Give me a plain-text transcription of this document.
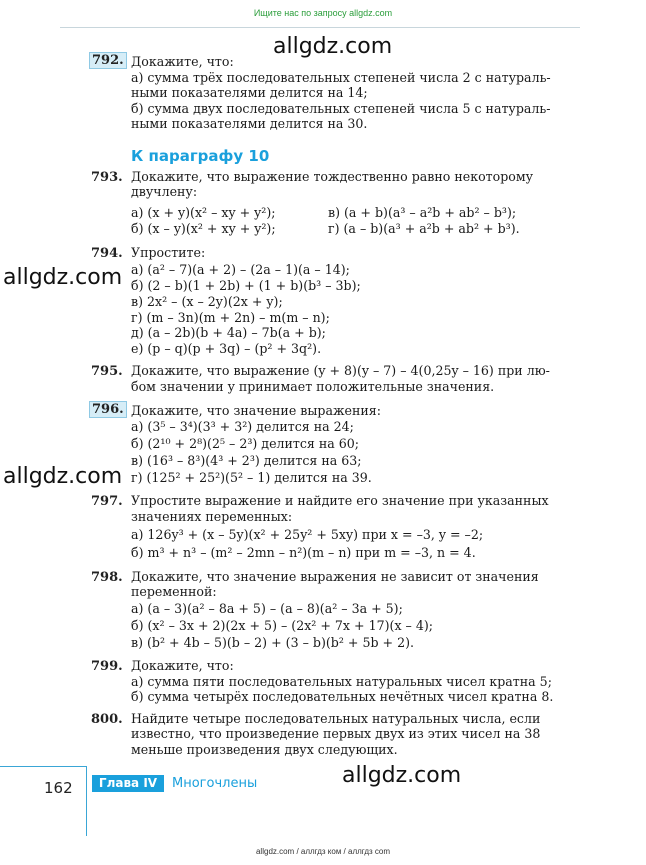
Ищите нас по запросу allgdz.com
allgdz.com
allgdz.com
allgdz.com
allgdz.com
792. Докажите, что:
а) сумма трёх последовательных степеней числа 2 с натураль-
ными показателями делится на 14;
б) сумма двух последовательных степеней числа 5 с натураль-
ными показателями делится на 30.
К параграфу 10
793. Докажите, что выражение тождественно равно некоторому
двучлену:
а) (x + y)(x² – xy + y²);	в) (a + b)(a³ – a²b + ab² – b³);
б) (x – y)(x² + xy + y²);	г) (a – b)(a³ + a²b + ab² + b³).
794. Упростите:
а) (a² – 7)(a + 2) – (2a – 1)(a – 14);
б) (2 – b)(1 + 2b) + (1 + b)(b³ – 3b);
в) 2x² – (x – 2y)(2x + y);
г) (m – 3n)(m + 2n) – m(m – n);
д) (a – 2b)(b + 4a) – 7b(a + b);
е) (p – q)(p + 3q) – (p² + 3q²).
795. Докажите, что выражение (y + 8)(y – 7) – 4(0,25y – 16) при лю-
бом значении y принимает положительные значения.
796. Докажите, что значение выражения:
а) (3⁵ – 3⁴)(3³ + 3²) делится на 24;
б) (2¹⁰ + 2⁸)(2⁵ – 2³) делится на 60;
в) (16³ – 8³)(4³ + 2³) делится на 63;
г) (125² + 25²)(5² – 1) делится на 39.
797. Упростите выражение и найдите его значение при указанных
значениях переменных:
а) 126y³ + (x – 5y)(x² + 25y² + 5xy) при x = –3, y = –2;
б) m³ + n³ – (m² – 2mn – n²)(m – n) при m = –3, n = 4.
798. Докажите, что значение выражения не зависит от значения
переменной:
а) (a – 3)(a² – 8a + 5) – (a – 8)(a² – 3a + 5);
б) (x² – 3x + 2)(2x + 5) – (2x² + 7x + 17)(x – 4);
в) (b² + 4b – 5)(b – 2) + (3 – b)(b² + 5b + 2).
799. Докажите, что:
а) сумма пяти последовательных натуральных чисел кратна 5;
б) сумма четырёх последовательных нечётных чисел кратна 8.
800. Найдите четыре последовательных натуральных числа, если
известно, что произведение первых двух из этих чисел на 38
меньше произведения двух следующих.
162	Глава IV	Многочлены
allgdz.com / аллгдз ком / аллгдз com
